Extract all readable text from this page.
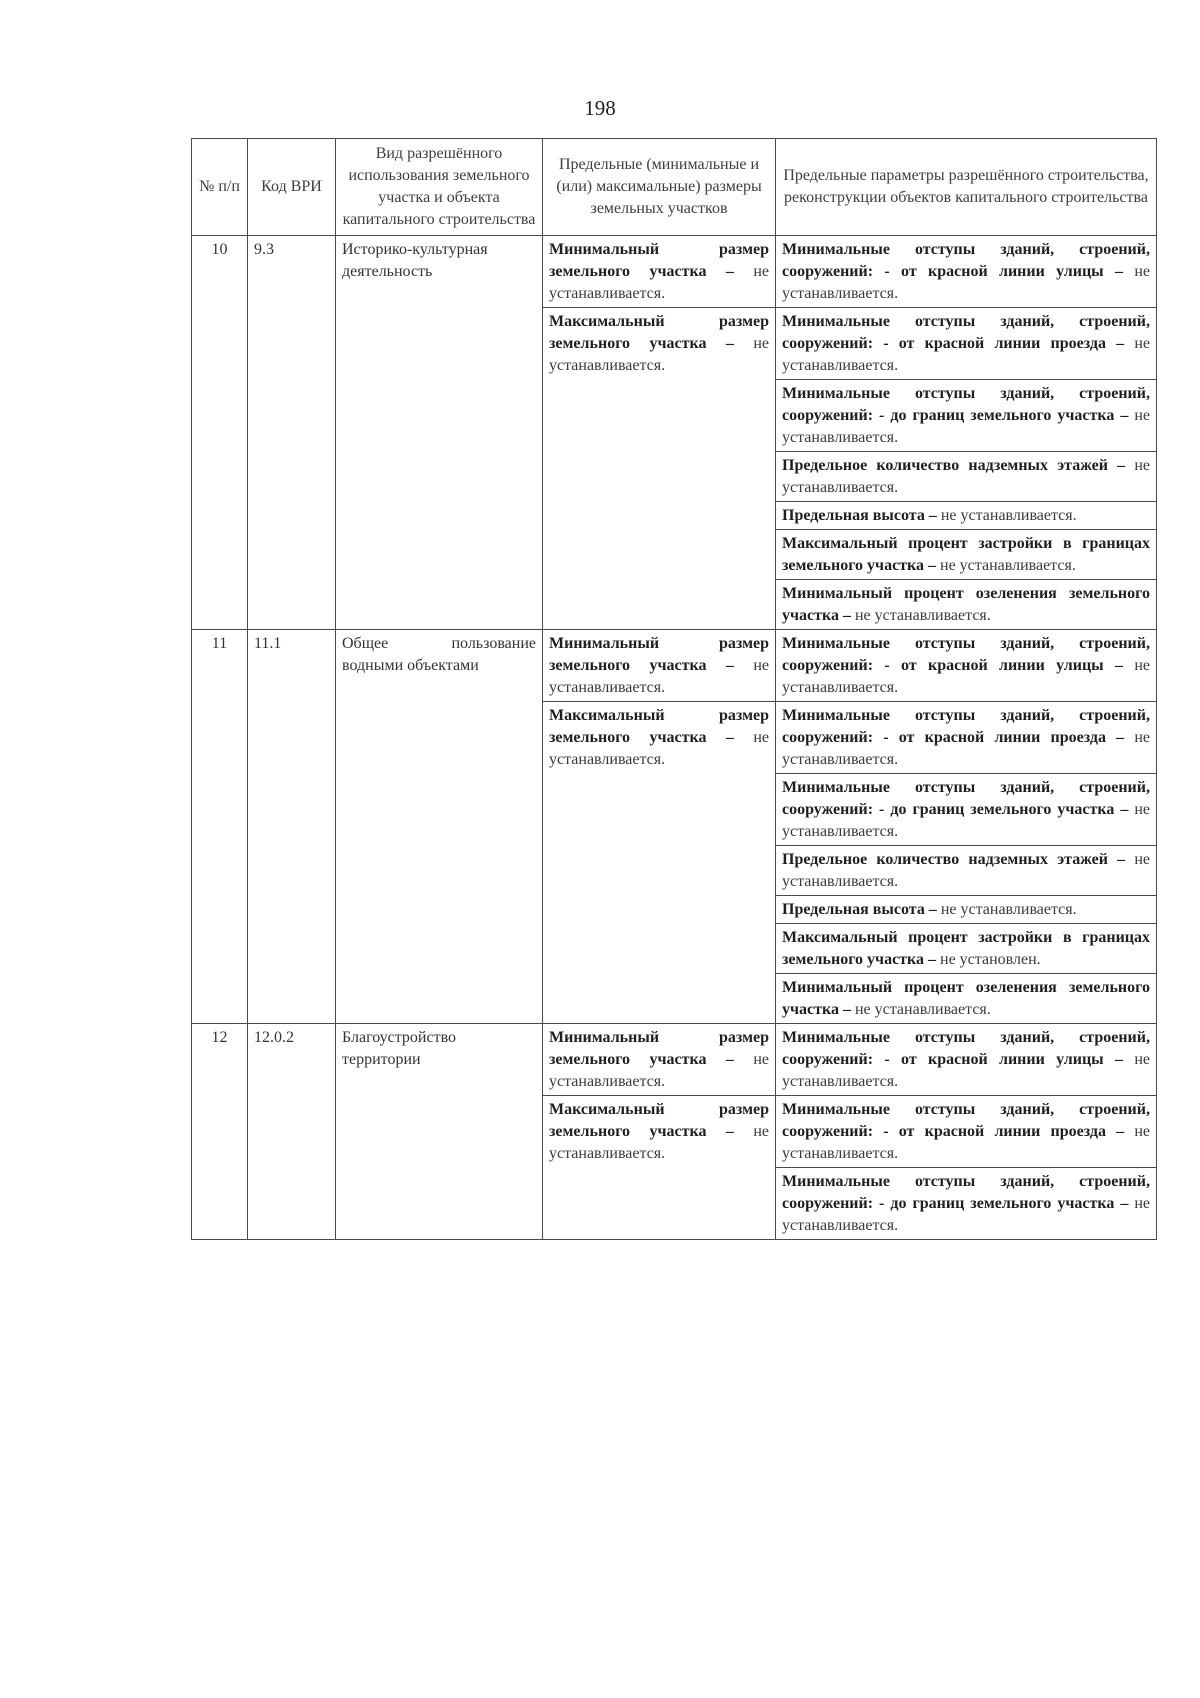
198
№ п/п	Код ВРИ	Вид разрешённого использования земельного участка и объекта капитального строительства	Предельные (минимальные и (или) максимальные) размеры земельных участков	Предельные параметры разрешённого строительства, реконструкции объектов капитального строительства
10	9.3	Историко-культурная деятельность	Минимальный размер земельного участка – не устанавливается.	Минимальные отступы зданий, строений, сооружений: - от красной линии улицы – не устанавливается.
			Максимальный размер земельного участка – не устанавливается.	Минимальные отступы зданий, строений, сооружений: - от красной линии проезда – не устанавливается.
				Минимальные отступы зданий, строений, сооружений: - до границ земельного участка – не устанавливается.
				Предельное количество надземных этажей – не устанавливается.
				Предельная высота – не устанавливается.
				Максимальный процент застройки в границах земельного участка – не устанавливается.
				Минимальный процент озеленения земельного участка – не устанавливается.
11	11.1	Общее пользование водными объектами	Минимальный размер земельного участка – не устанавливается.	Минимальные отступы зданий, строений, сооружений: - от красной линии улицы – не устанавливается.
			Максимальный размер земельного участка – не устанавливается.	Минимальные отступы зданий, строений, сооружений: - от красной линии проезда – не устанавливается.
				Минимальные отступы зданий, строений, сооружений: - до границ земельного участка – не устанавливается.
				Предельное количество надземных этажей – не устанавливается.
				Предельная высота – не устанавливается.
				Максимальный процент застройки в границах земельного участка – не установлен.
				Минимальный процент озеленения земельного участка – не устанавливается.
12	12.0.2	Благоустройство территории	Минимальный размер земельного участка – не устанавливается.	Минимальные отступы зданий, строений, сооружений: - от красной линии улицы – не устанавливается.
			Максимальный размер земельного участка – не устанавливается.	Минимальные отступы зданий, строений, сооружений: - от красной линии проезда – не устанавливается.
				Минимальные отступы зданий, строений, сооружений: - до границ земельного участка – не устанавливается.
